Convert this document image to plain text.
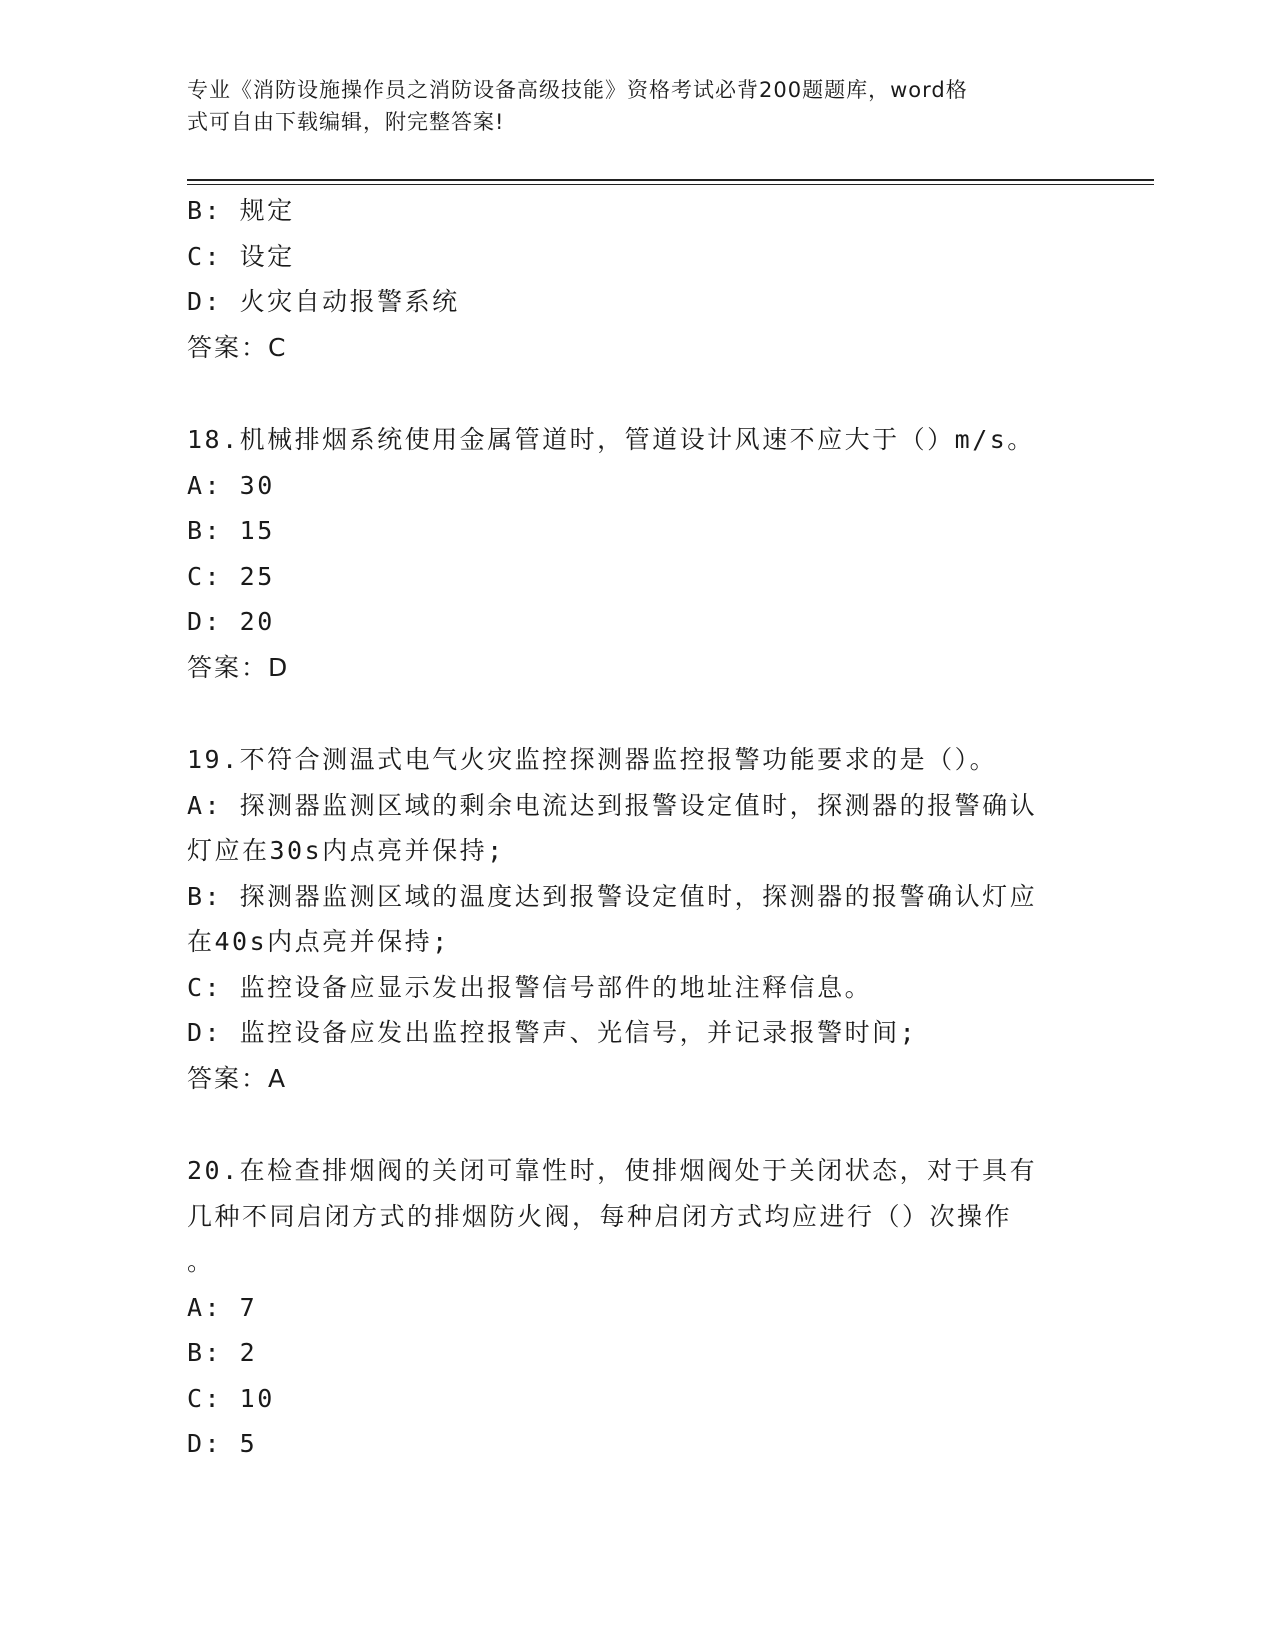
专业《消防设施操作员之消防设备高级技能》资格考试必背200题题库，word格
式可自由下载编辑，附完整答案!
B: 规定
C: 设定
D: 火灾自动报警系统
答案：C
18.机械排烟系统使用金属管道时，管道设计风速不应大于（）m/s。
A: 30
B: 15
C: 25
D: 20
答案：D
19.不符合测温式电气火灾监控探测器监控报警功能要求的是（）。
A: 探测器监测区域的剩余电流达到报警设定值时，探测器的报警确认
灯应在30s内点亮并保持;
B: 探测器监测区域的温度达到报警设定值时，探测器的报警确认灯应
在40s内点亮并保持;
C: 监控设备应显示发出报警信号部件的地址注释信息。
D: 监控设备应发出监控报警声、光信号，并记录报警时间;
答案：A
20.在检查排烟阀的关闭可靠性时，使排烟阀处于关闭状态，对于具有
几种不同启闭方式的排烟防火阀，每种启闭方式均应进行（）次操作
。
A: 7
B: 2
C: 10
D: 5
